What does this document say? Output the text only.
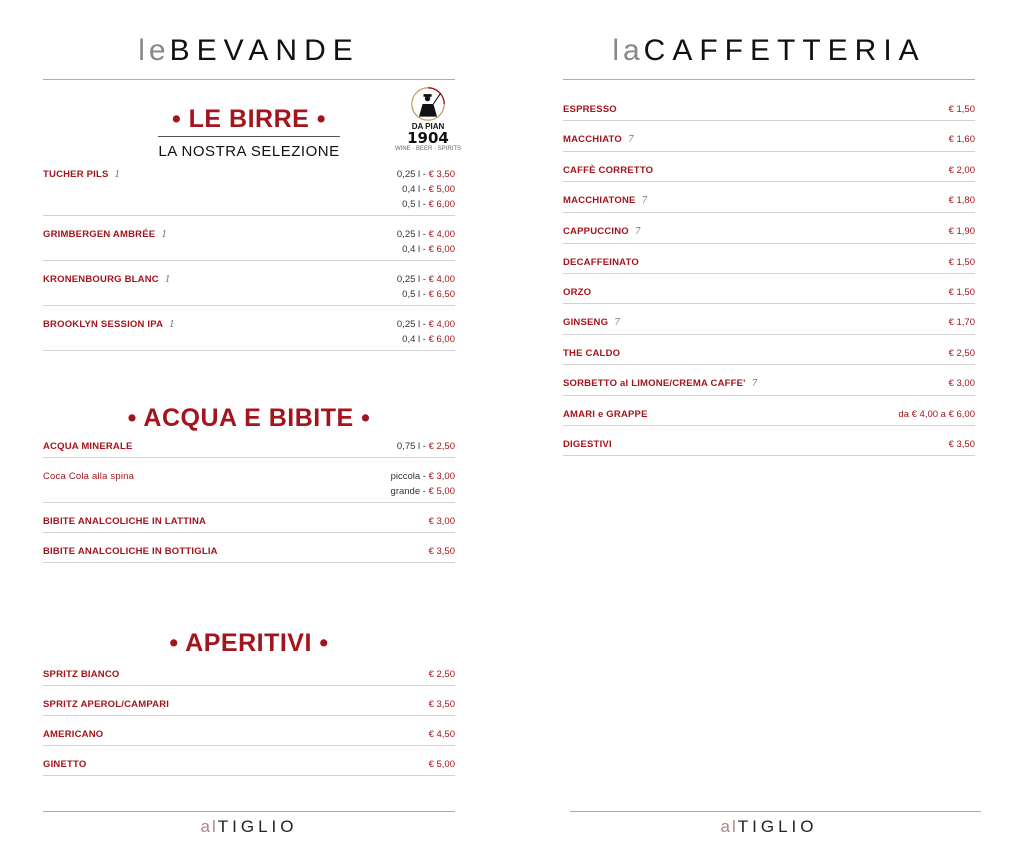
leBEVANDE
• LE BIRRE •
LA NOSTRA SELEZIONE
DA PIAN
1904
WINE · BEER · SPIRITS
TUCHER PILS 1	0,25 l - € 3,50
0,4 l - € 5,00
0,5 l - € 6,00
GRIMBERGEN AMBRÉE 1	0,25 l - € 4,00
0,4 l - € 6,00
KRONENBOURG BLANC 1	0,25 l - € 4,00
0,5 l - € 6,50
BROOKLYN SESSION IPA 1	0,25 l - € 4,00
0,4 l - € 6,00
• ACQUA E BIBITE •
ACQUA MINERALE	0,75 l - € 2,50
Coca Cola alla spina	piccola - € 3,00
grande - € 5,00
BIBITE ANALCOLICHE IN LATTINA	€ 3,00
BIBITE ANALCOLICHE IN BOTTIGLIA	€ 3,50
• APERITIVI •
SPRITZ BIANCO	€ 2,50
SPRITZ APEROL/CAMPARI	€ 3,50
AMERICANO	€ 4,50
GINETTO	€ 5,00
alTIGLIO
laCAFFETTERIA
ESPRESSO	€ 1,50
MACCHIATO 7	€ 1,60
CAFFÈ CORRETTO	€ 2,00
MACCHIATONE 7	€ 1,80
CAPPUCCINO 7	€ 1,90
DECAFFEINATO	€ 1,50
ORZO	€ 1,50
GINSENG 7	€ 1,70
THE CALDO	€ 2,50
SORBETTO al LIMONE/CREMA CAFFE' 7	€ 3,00
AMARI e GRAPPE	da € 4,00 a € 6,00
DIGESTIVI	€ 3,50
alTIGLIO
